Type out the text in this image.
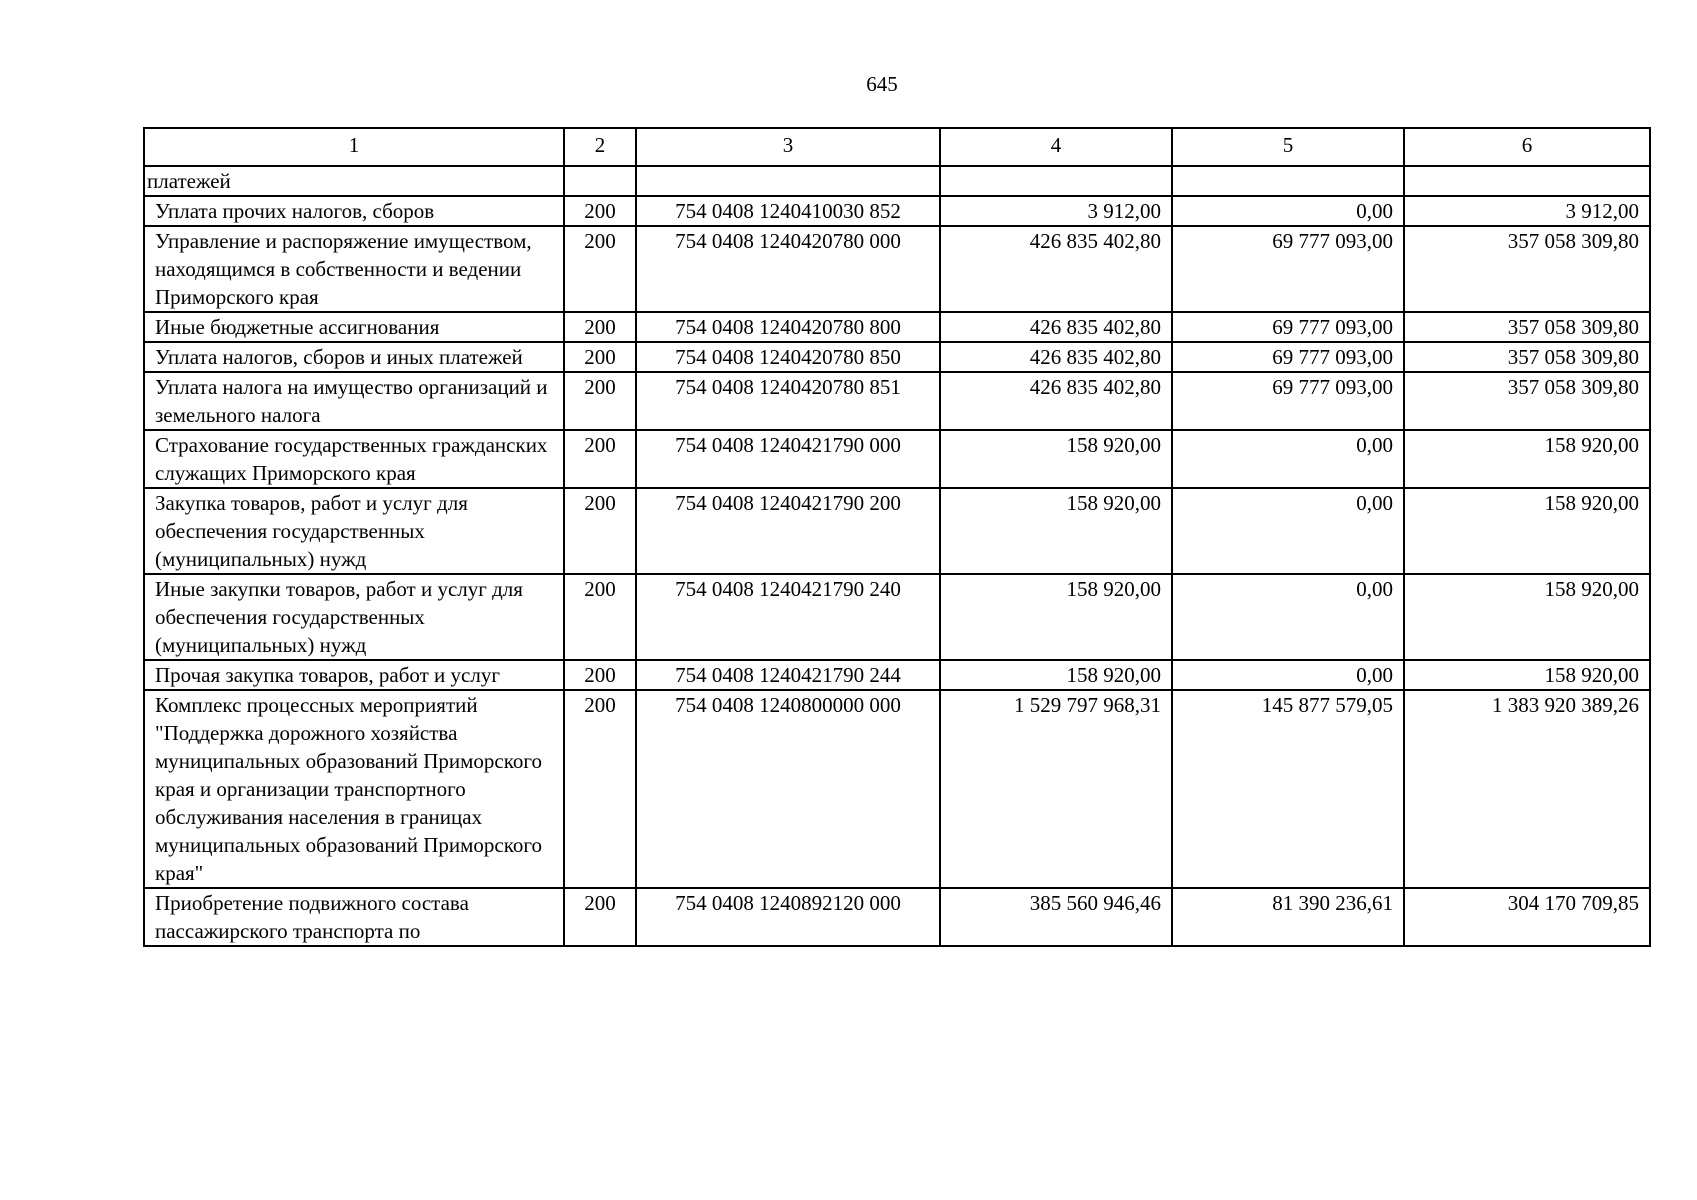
645
1	2	3	4	5	6
платежей					
Уплата прочих налогов, сборов	200	754 0408 1240410030 852	3 912,00	0,00	3 912,00
Управление и распоряжение имуществом, находящимся в собственности и ведении Приморского края	200	754 0408 1240420780 000	426 835 402,80	69 777 093,00	357 058 309,80
Иные бюджетные ассигнования	200	754 0408 1240420780 800	426 835 402,80	69 777 093,00	357 058 309,80
Уплата налогов, сборов и иных платежей	200	754 0408 1240420780 850	426 835 402,80	69 777 093,00	357 058 309,80
Уплата налога на имущество организаций и земельного налога	200	754 0408 1240420780 851	426 835 402,80	69 777 093,00	357 058 309,80
Страхование государственных гражданских служащих Приморского края	200	754 0408 1240421790 000	158 920,00	0,00	158 920,00
Закупка товаров, работ и услуг для обеспечения государственных (муниципальных) нужд	200	754 0408 1240421790 200	158 920,00	0,00	158 920,00
Иные закупки товаров, работ и услуг для обеспечения государственных (муниципальных) нужд	200	754 0408 1240421790 240	158 920,00	0,00	158 920,00
Прочая закупка товаров, работ и услуг	200	754 0408 1240421790 244	158 920,00	0,00	158 920,00
Комплекс процессных мероприятий "Поддержка дорожного хозяйства муниципальных образований Приморского края и организации транспортного обслуживания населения в границах муниципальных образований Приморского края"	200	754 0408 1240800000 000	1 529 797 968,31	145 877 579,05	1 383 920 389,26
Приобретение подвижного состава пассажирского транспорта по	200	754 0408 1240892120 000	385 560 946,46	81 390 236,61	304 170 709,85
